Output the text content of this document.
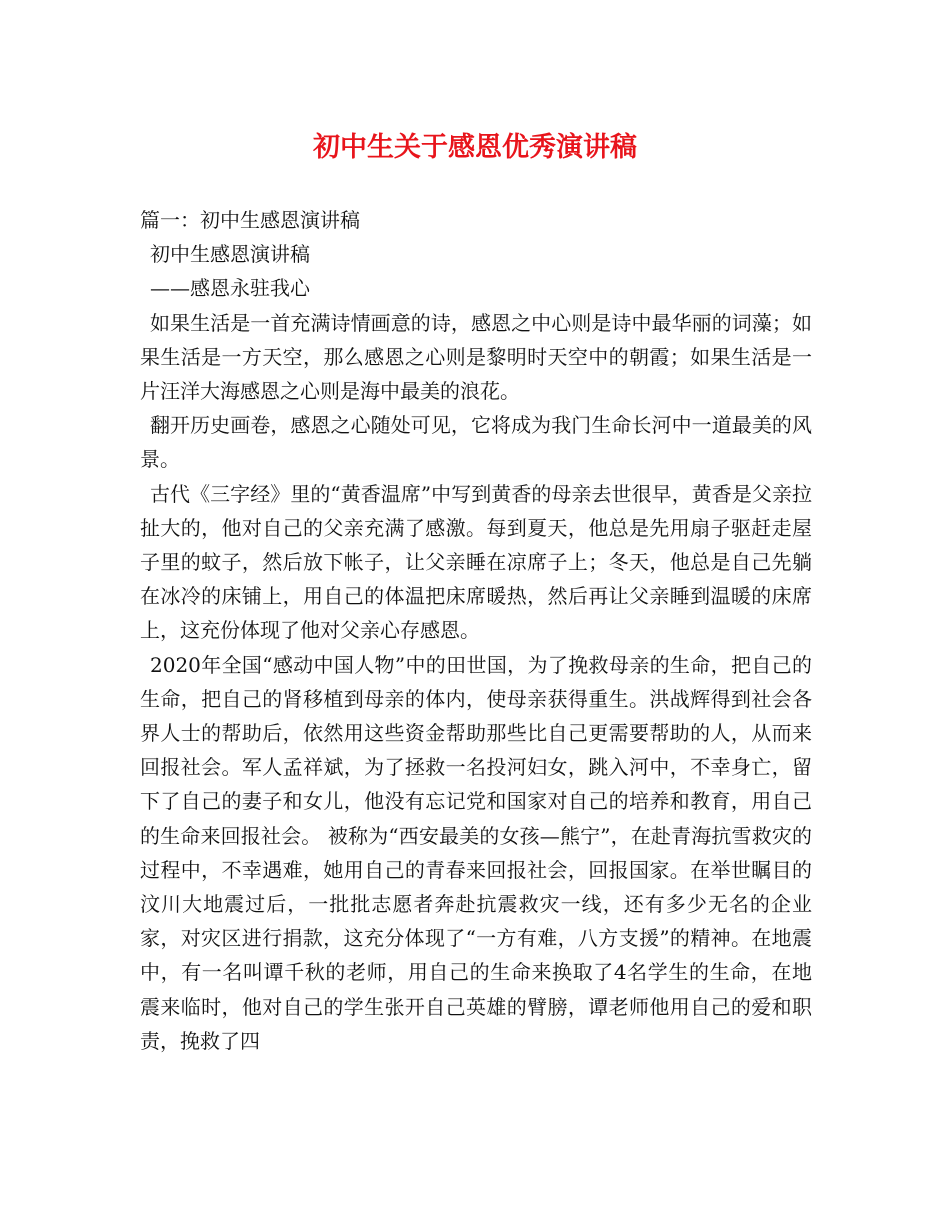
初中生关于感恩优秀演讲稿

篇一：初中生感恩演讲稿

初中生感恩演讲稿

——感恩永驻我心

如果生活是一首充满诗情画意的诗，感恩之中心则是诗中最华丽的词藻；如果生活是一方天空，那么感恩之心则是黎明时天空中的朝霞；如果生活是一片汪洋大海感恩之心则是海中最美的浪花。

翻开历史画卷，感恩之心随处可见，它将成为我门生命长河中一道最美的风景。

古代《三字经》里的“黄香温席”中写到黄香的母亲去世很早，黄香是父亲拉扯大的，他对自己的父亲充满了感激。每到夏天，他总是先用扇子驱赶走屋子里的蚊子，然后放下帐子，让父亲睡在凉席子上；冬天，他总是自己先躺在冰冷的床铺上，用自己的体温把床席暖热，然后再让父亲睡到温暖的床席上，这充份体现了他对父亲心存感恩。

2020年全国“感动中国人物”中的田世国，为了挽救母亲的生命，把自己的生命，把自己的肾移植到母亲的体内，使母亲获得重生。洪战辉得到社会各界人士的帮助后，依然用这些资金帮助那些比自己更需要帮助的人，从而来回报社会。军人孟祥斌，为了拯救一名投河妇女，跳入河中，不幸身亡，留下了自己的妻子和女儿，他没有忘记党和国家对自己的培养和教育，用自己的生命来回报社会。 被称为“西安最美的女孩—熊宁”，在赴青海抗雪救灾的过程中，不幸遇难，她用自己的青春来回报社会，回报国家。在举世瞩目的汶川大地震过后，一批批志愿者奔赴抗震救灾一线，还有多少无名的企业家，对灾区进行捐款，这充分体现了“一方有难，八方支援”的精神。在地震中，有一名叫谭千秋的老师，用自己的生命来换取了4名学生的生命，在地震来临时，他对自己的学生张开自己英雄的臂膀，谭老师他用自己的爱和职责，挽救了四
